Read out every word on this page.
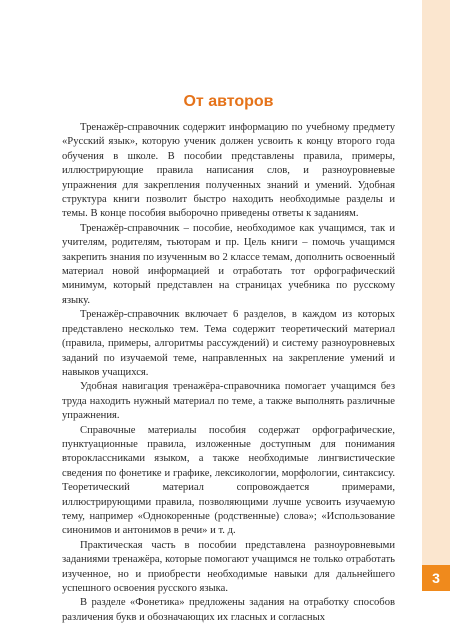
3
От авторов

Тренажёр-справочник содержит информацию по учебному предмету «Русский язык», которую ученик должен усвоить к концу второго года обучения в школе. В пособии представлены правила, примеры, иллюстрирующие правила написания слов, и разноуровневые упражнения для закрепления полученных знаний и умений. Удобная структура книги позволит быстро находить необходимые разделы и темы. В конце пособия выборочно приведены ответы к заданиям.

Тренажёр-справочник – пособие, необходимое как учащимся, так и учителям, родителям, тьюторам и пр. Цель книги – помочь учащимся закрепить знания по изученным во 2 классе темам, дополнить освоенный материал новой информацией и отработать тот орфографический минимум, который представлен на страницах учебника по русскому языку.

Тренажёр-справочник включает 6 разделов, в каждом из которых представлено несколько тем. Тема содержит теоретический материал (правила, примеры, алгоритмы рассуждений) и систему разноуровневых заданий по изучаемой теме, направленных на закрепление умений и навыков учащихся.

Удобная навигация тренажёра-справочника помогает учащимся без труда находить нужный материал по теме, а также выполнять различные упражнения.

Справочные материалы пособия содержат орфографические, пунктуационные правила, изложенные доступным для понимания второклассниками языком, а также необходимые лингвистические сведения по фонетике и графике, лексикологии, морфологии, синтаксису. Теоретический материал сопровождается примерами, иллюстрирующими правила, позволяющими лучше усвоить изучаемую тему, например «Однокоренные (родственные) слова»; «Использование синонимов и антонимов в речи» и т. д.

Практическая часть в пособии представлена разноуровневыми заданиями тренажёра, которые помогают учащимся не только отработать изученное, но и приобрести необходимые навыки для дальнейшего успешного освоения русского языка.

В разделе «Фонетика» предложены задания на отработку способов различения букв и обозначающих их гласных и согласных
